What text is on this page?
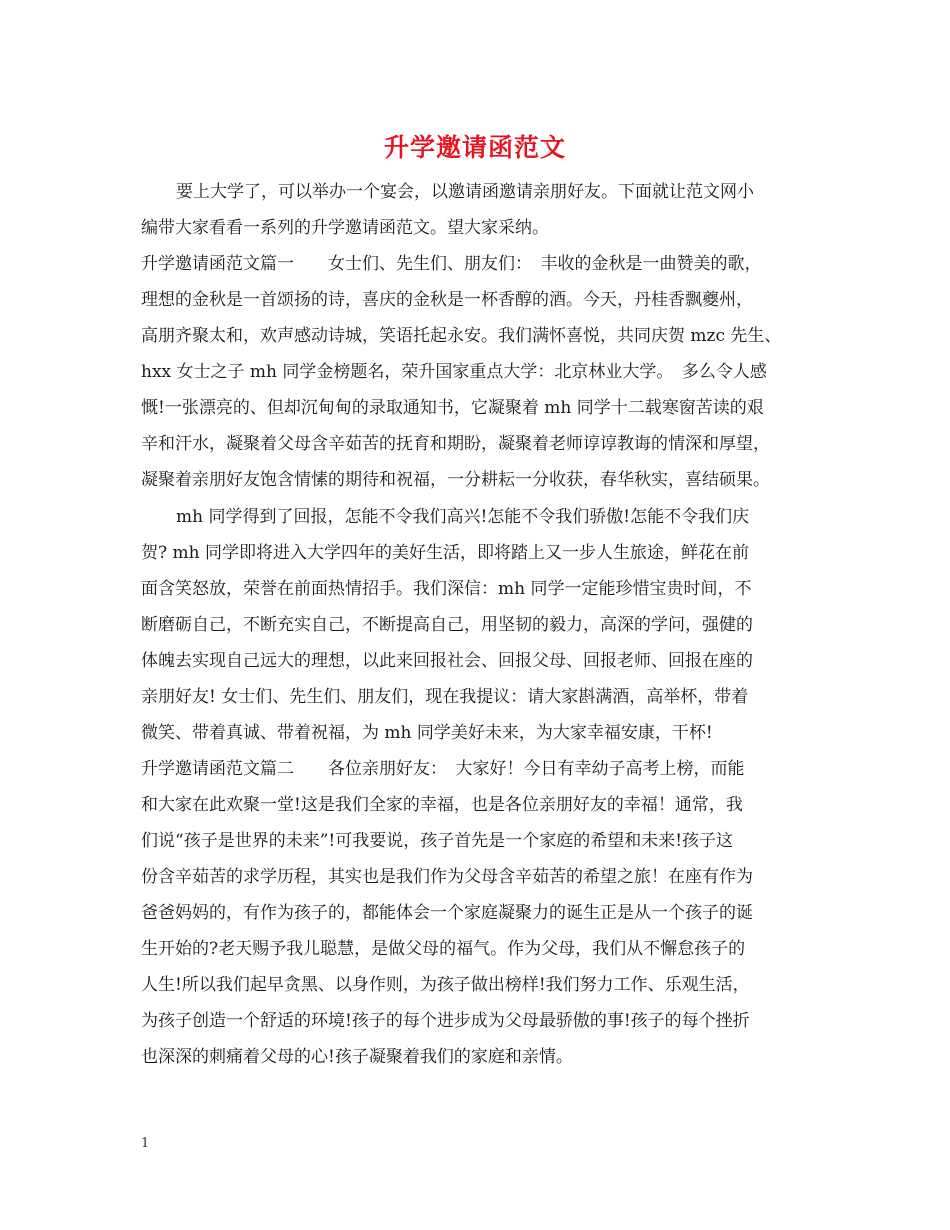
升学邀请函范文
要上大学了，可以举办一个宴会，以邀请函邀请亲朋好友。下面就让范文网小
编带大家看看一系列的升学邀请函范文。望大家采纳。
升学邀请函范文篇一　　女士们、先生们、朋友们：　丰收的金秋是一曲赞美的歌，
理想的金秋是一首颂扬的诗，喜庆的金秋是一杯香醇的酒。今天，丹桂香飘夔州，
高朋齐聚太和，欢声感动诗城，笑语托起永安。我们满怀喜悦，共同庆贺 mzc 先生、
hxx 女士之子 mh 同学金榜题名，荣升国家重点大学：北京林业大学。　多么令人感
慨!一张漂亮的、但却沉甸甸的录取通知书，它凝聚着 mh 同学十二载寒窗苦读的艰
辛和汗水，凝聚着父母含辛茹苦的抚育和期盼，凝聚着老师谆谆教诲的情深和厚望，
凝聚着亲朋好友饱含情愫的期待和祝福，一分耕耘一分收获，春华秋实，喜结硕果。
mh 同学得到了回报，怎能不令我们高兴!怎能不令我们骄傲!怎能不令我们庆
贺? mh 同学即将进入大学四年的美好生活，即将踏上又一步人生旅途，鲜花在前
面含笑怒放，荣誉在前面热情招手。我们深信：mh 同学一定能珍惜宝贵时间，不
断磨砺自己，不断充实自己，不断提高自己，用坚韧的毅力，高深的学问，强健的
体魄去实现自己远大的理想，以此来回报社会、回报父母、回报老师、回报在座的
亲朋好友! 女士们、先生们、朋友们，现在我提议：请大家斟满酒，高举杯，带着
微笑、带着真诚、带着祝福，为 mh 同学美好未来，为大家幸福安康，干杯!
升学邀请函范文篇二　　各位亲朋好友：　大家好！今日有幸幼子高考上榜，而能
和大家在此欢聚一堂!这是我们全家的幸福，也是各位亲朋好友的幸福！通常，我
们说“孩子是世界的未来”!可我要说，孩子首先是一个家庭的希望和未来!孩子这
份含辛茹苦的求学历程，其实也是我们作为父母含辛茹苦的希望之旅！在座有作为
爸爸妈妈的，有作为孩子的，都能体会一个家庭凝聚力的诞生正是从一个孩子的诞
生开始的?老天赐予我儿聪慧，是做父母的福气。作为父母，我们从不懈怠孩子的
人生!所以我们起早贪黑、以身作则，为孩子做出榜样!我们努力工作、乐观生活，
为孩子创造一个舒适的环境!孩子的每个进步成为父母最骄傲的事!孩子的每个挫折
也深深的刺痛着父母的心!孩子凝聚着我们的家庭和亲情。
1
